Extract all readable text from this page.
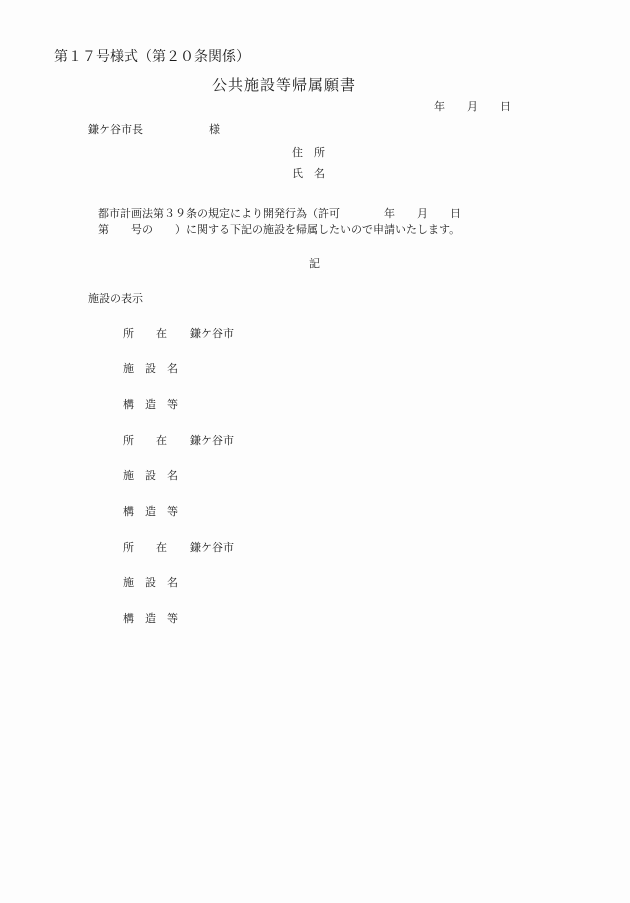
第１７号様式（第２０条関係）
公共施設等帰属願書
年　　月　　日
鎌ケ谷市長　　　　　　様
住　所
氏　名
都市計画法第３９条の規定により開発行為（許可　　　　年　　月　　日
第　　号の　　）に関する下記の施設を帰属したいので申請いたします。
記
施設の表示
所　　在 鎌ケ谷市
施　設　名
構　造　等
所　　在 鎌ケ谷市
施　設　名
構　造　等
所　　在 鎌ケ谷市
施　設　名
構　造　等
